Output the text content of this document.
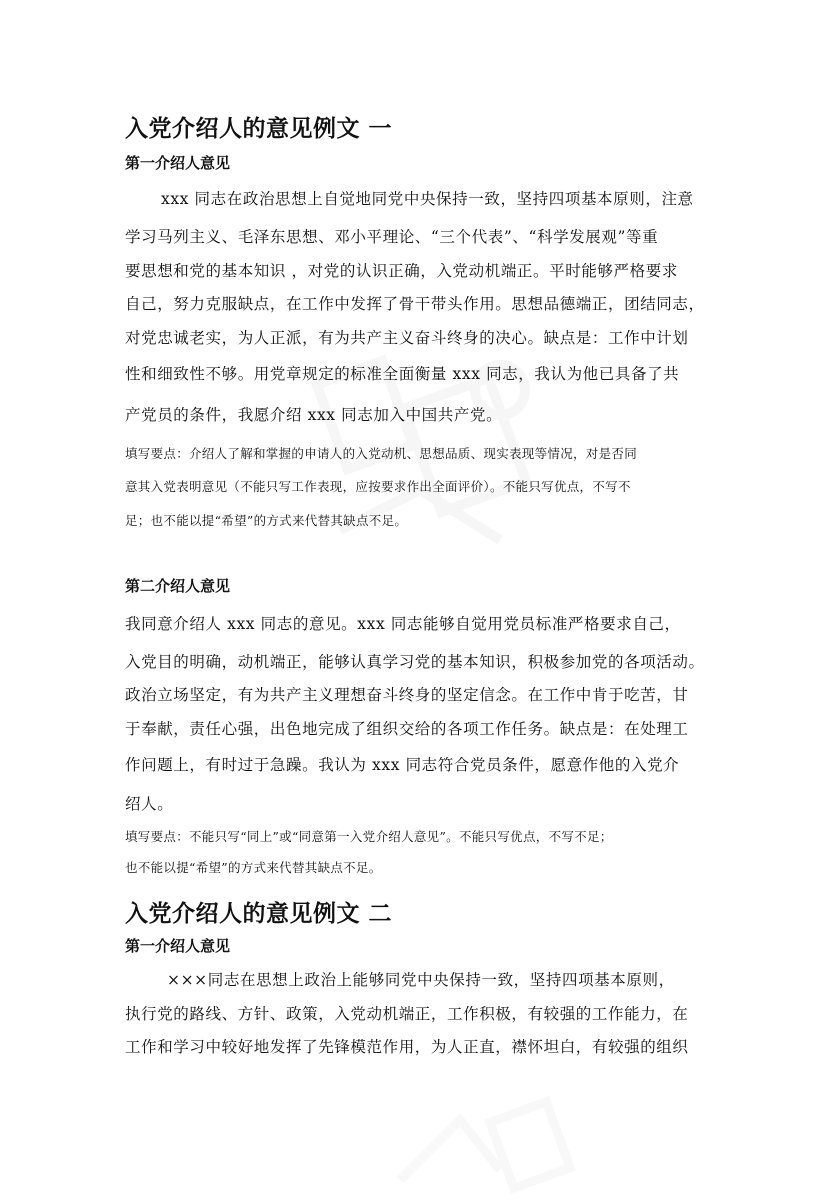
入党介绍人的意见例文 一
第一介绍人意见
xxx 同志在政治思想上自觉地同党中央保持一致，坚持四项基本原则，注意
学习马列主义、毛泽东思想、邓小平理论、“三个代表”、“科学发展观”等重
要思想和党的基本知识 ，对党的认识正确，入党动机端正。平时能够严格要求
自己，努力克服缺点，在工作中发挥了骨干带头作用。思想品德端正，团结同志，
对党忠诚老实，为人正派，有为共产主义奋斗终身的决心。缺点是：工作中计划
性和细致性不够。用党章规定的标准全面衡量 xxx 同志，我认为他已具备了共
产党员的条件，我愿介绍 xxx 同志加入中国共产党。
填写要点：介绍人了解和掌握的申请人的入党动机、思想品质、现实表现等情况，对是否同
意其入党表明意见（不能只写工作表现，应按要求作出全面评价）。不能只写优点，不写不
足；也不能以提“希望”的方式来代替其缺点不足。
第二介绍人意见
我同意介绍人 xxx 同志的意见。xxx 同志能够自觉用党员标准严格要求自己，
入党目的明确，动机端正，能够认真学习党的基本知识，积极参加党的各项活动。
政治立场坚定，有为共产主义理想奋斗终身的坚定信念。在工作中肯于吃苦，甘
于奉献，责任心强，出色地完成了组织交给的各项工作任务。缺点是：在处理工
作问题上，有时过于急躁。我认为 xxx 同志符合党员条件，愿意作他的入党介
绍人。
填写要点：不能只写“同上”或“同意第一入党介绍人意见”。不能只写优点，不写不足；
也不能以提“希望”的方式来代替其缺点不足。
入党介绍人的意见例文 二
第一介绍人意见
×××同志在思想上政治上能够同党中央保持一致，坚持四项基本原则，
执行党的路线、方针、政策，入党动机端正，工作积极，有较强的工作能力，在
工作和学习中较好地发挥了先锋模范作用，为人正直，襟怀坦白，有较强的组织
